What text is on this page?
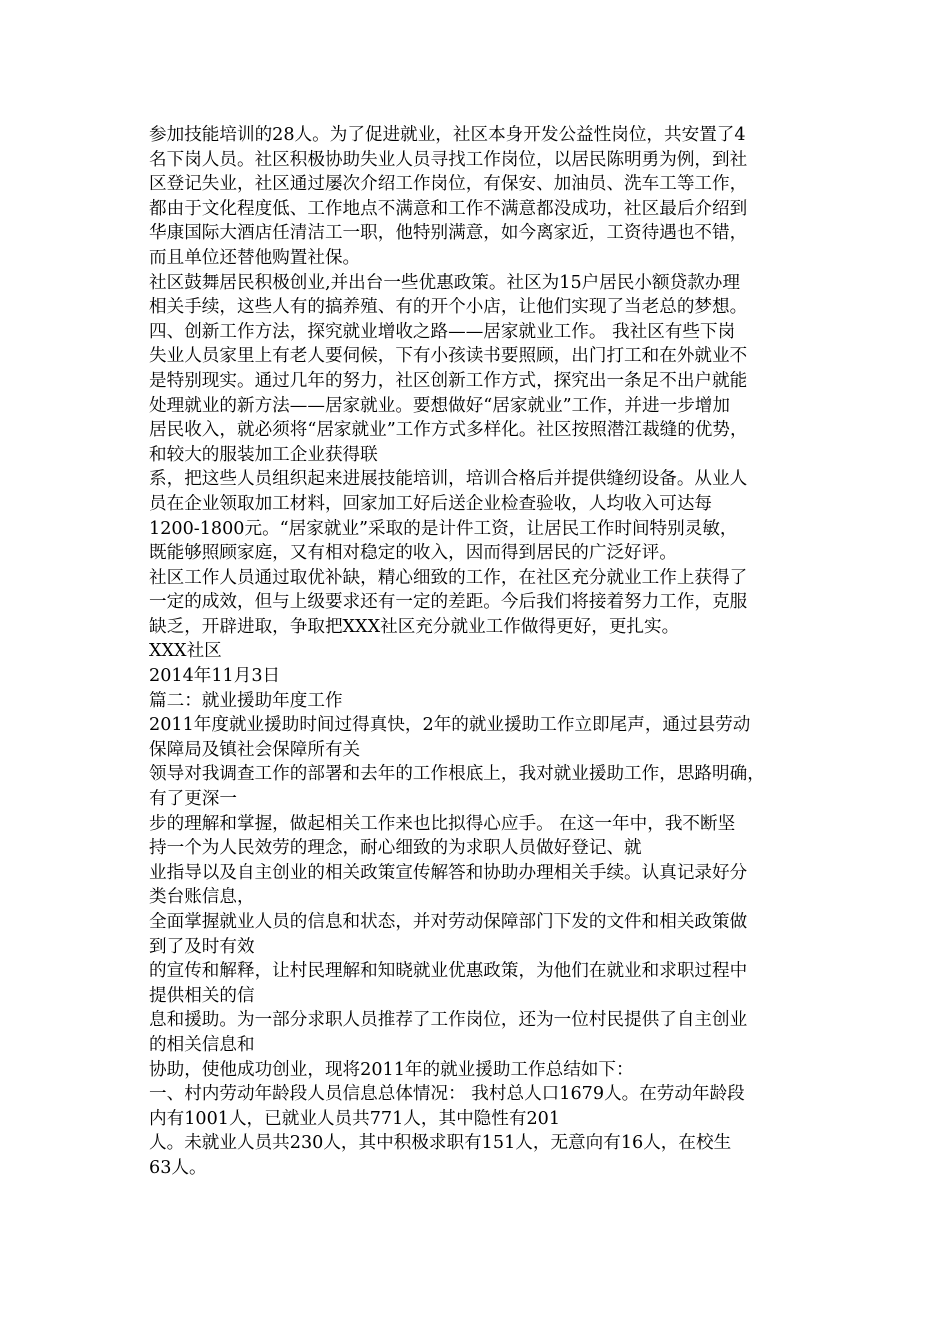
参加技能培训的28人。为了促进就业，社区本身开发公益性岗位，共安置了4
名下岗人员。社区积极协助失业人员寻找工作岗位，以居民陈明勇为例，到社
区登记失业，社区通过屡次介绍工作岗位，有保安、加油员、洗车工等工作，
都由于文化程度低、工作地点不满意和工作不满意都没成功，社区最后介绍到
华康国际大酒店任清洁工一职，他特别满意，如今离家近，工资待遇也不错，
而且单位还替他购置社保。

社区鼓舞居民积极创业,并出台一些优惠政策。社区为15户居民小额贷款办理
相关手续，这些人有的搞养殖、有的开个小店，让他们实现了当老总的梦想。

四、创新工作方法，探究就业增收之路——居家就业工作。 我社区有些下岗
失业人员家里上有老人要伺候，下有小孩读书要照顾，出门打工和在外就业不
是特别现实。通过几年的努力，社区创新工作方式，探究出一条足不出户就能
处理就业的新方法——居家就业。要想做好“居家就业”工作，并进一步增加
居民收入，就必须将“居家就业”工作方式多样化。社区按照潜江裁缝的优势，
和较大的服装加工企业获得联

系，把这些人员组织起来进展技能培训，培训合格后并提供缝纫设备。从业人
员在企业领取加工材料，回家加工好后送企业检查验收，人均收入可达每
1200-1800元。“居家就业”采取的是计件工资，让居民工作时间特别灵敏，
既能够照顾家庭，又有相对稳定的收入，因而得到居民的广泛好评。

社区工作人员通过取优补缺，精心细致的工作，在社区充分就业工作上获得了
一定的成效，但与上级要求还有一定的差距。今后我们将接着努力工作，克服
缺乏，开辟进取，争取把XXX社区充分就业工作做得更好，更扎实。

XXX社区

2014年11月3日

篇二：就业援助年度工作

2011年度就业援助时间过得真快，2年的就业援助工作立即尾声，通过县劳动
保障局及镇社会保障所有关

领导对我调查工作的部署和去年的工作根底上，我对就业援助工作，思路明确，
有了更深一

步的理解和掌握，做起相关工作来也比拟得心应手。 在这一年中，我不断坚
持一个为人民效劳的理念，耐心细致的为求职人员做好登记、就

业指导以及自主创业的相关政策宣传解答和协助办理相关手续。认真记录好分
类台账信息，

全面掌握就业人员的信息和状态，并对劳动保障部门下发的文件和相关政策做
到了及时有效

的宣传和解释，让村民理解和知晓就业优惠政策，为他们在就业和求职过程中
提供相关的信

息和援助。为一部分求职人员推荐了工作岗位，还为一位村民提供了自主创业
的相关信息和

协助，使他成功创业，现将2011年的就业援助工作总结如下：

一、村内劳动年龄段人员信息总体情况： 我村总人口1679人。在劳动年龄段
内有1001人，已就业人员共771人，其中隐性有201

人。未就业人员共230人，其中积极求职有151人，无意向有16人，在校生
63人。
